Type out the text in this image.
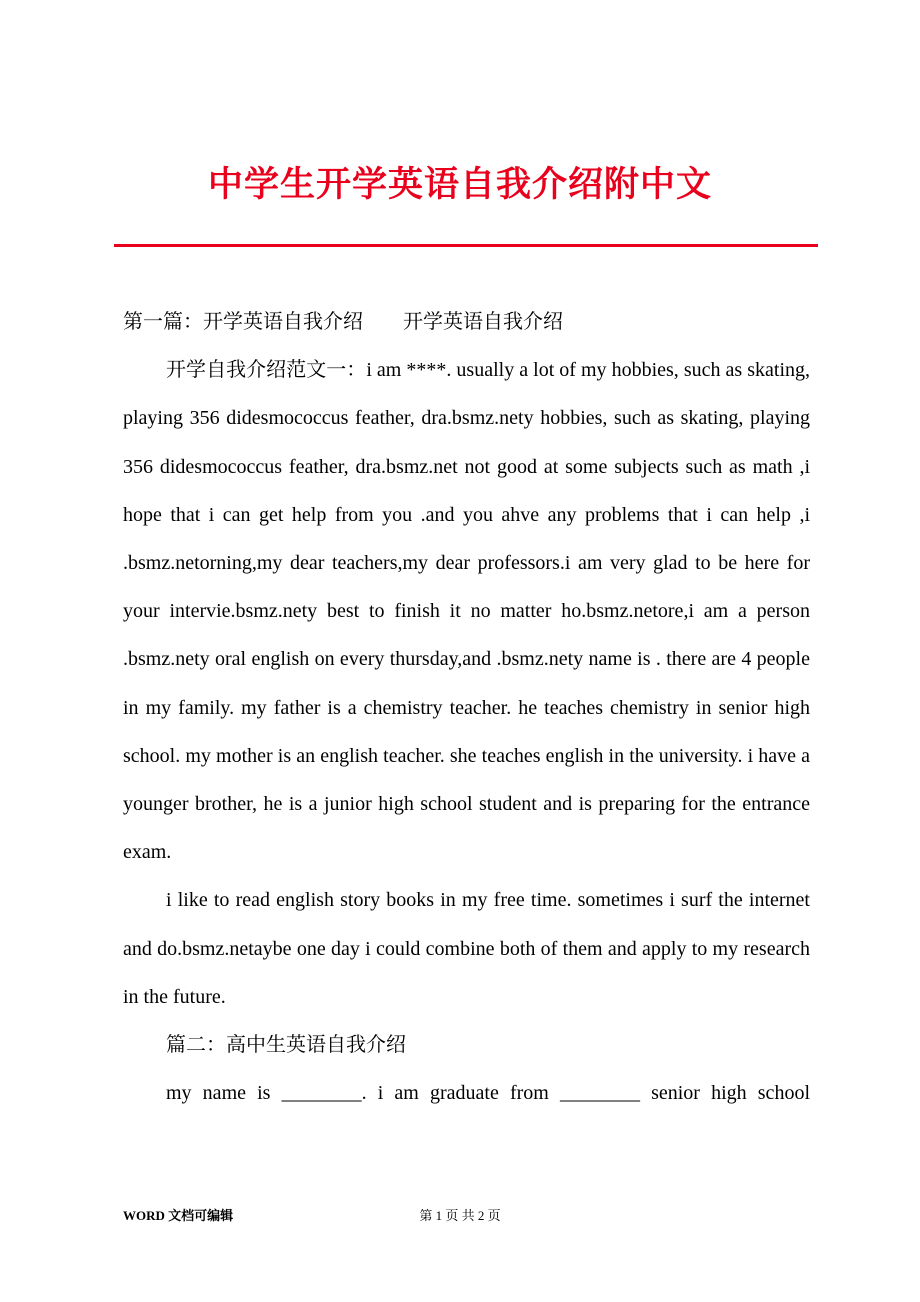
中学生开学英语自我介绍附中文

第一篇：开学英语自我介绍　　开学英语自我介绍

开学自我介绍范文一：i am ****. usually a lot of my hobbies, such as skating, playing 356 didesmococcus feather, dra.bsmz.nety hobbies, such as skating, playing 356 didesmococcus feather, dra.bsmz.net not good at some subjects such as math ,i hope that i can get help from you .and you ahve any problems that i can help ,i .bsmz.netorning,my dear teachers,my dear professors.i am very glad to be here for your intervie.bsmz.nety best to finish it no matter ho.bsmz.netore,i am a person .bsmz.nety oral english on every thursday,and .bsmz.nety name is . there are 4 people in my family. my father is a chemistry teacher. he teaches chemistry in senior high school. my mother is an english teacher. she teaches english in the university. i have a younger brother, he is a junior high school student and is preparing for the entrance exam.

i like to read english story books in my free time. sometimes i surf the internet and do.bsmz.netaybe one day i could combine both of them and apply to my research in the future.

篇二：高中生英语自我介绍

my name is ________. i am graduate from ________ senior high school

WORD 文档可编辑	第 1 页 共 2 页
